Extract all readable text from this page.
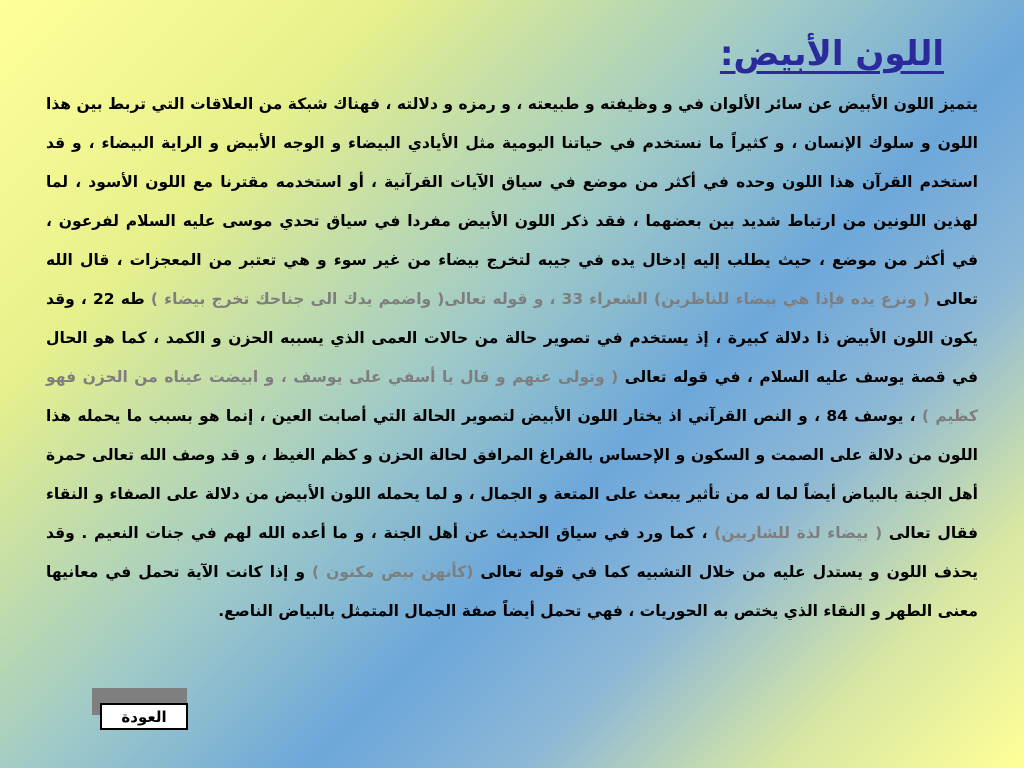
اللون الأبيض:

يتميز اللون الأبيض عن سائر الألوان في و وظيفته و طبيعته ، و رمزه و دلالته ، فهناك شبكة من العلاقات التي تربط بين هذا اللون و سلوك الإنسان ، و كثيراً ما نستخدم في حياتنا اليومية مثل الأيادي البيضاء و الوجه الأبيض و الراية البيضاء ، و قد استخدم القرآن هذا اللون وحده في أكثر من موضع في سياق الآيات القرآنية ، أو استخدمه مقترنا مع اللون الأسود ، لما لهذين اللونين من ارتباط شديد بين بعضهما ، فقد ذكر اللون الأبيض مفردا في سياق تحدي موسى عليه السلام لفرعون ، في أكثر من موضع ، حيث يطلب إليه إدخال يده في جيبه لتخرج بيضاء من غير سوء و هي تعتبر من المعجزات ، قال الله تعالى ( ونزع يده فإذا هي بيضاء للناظرين) الشعراء 33 ، و قوله تعالى( واضمم يدك الى جناحك تخرج بيضاء ) طه 22 ، وقد يكون اللون الأبيض ذا دلالة كبيرة ، إذ يستخدم في تصوير حالة من حالات العمى الذي يسببه الحزن و الكمد ، كما هو الحال في قصة يوسف عليه السلام ، في قوله تعالى ( وتولى عنهم و قال يا أسفي على يوسف ، و ابيضت عيناه من الحزن فهو كظيم ) ، يوسف 84 ، و النص القرآني اذ يختار اللون الأبيض لتصوير الحالة التي أصابت العين ، إنما هو بسبب ما يحمله هذا اللون من دلالة على الصمت و السكون و الإحساس بالفراغ المرافق لحالة الحزن و كظم الغيظ ، و قد وصف الله تعالى حمرة أهل الجنة بالبياض أيضاً لما له من تأثير يبعث على المتعة و الجمال ، و لما يحمله اللون الأبيض من دلالة على الصفاء و النقاء فقال تعالى ( بيضاء لذة للشاربين) ، كما ورد في سياق الحديث عن أهل الجنة ، و ما أعده الله لهم في جنات النعيم . وقد يحذف اللون و يستدل عليه من خلال التشبيه كما في قوله تعالى (كأنهن بيض مكنون ) و إذا كانت الآية تحمل في معانيها معنى الطهر و النقاء الذي يختص به الحوريات ، فهي تحمل أيضاً صفة الجمال المتمثل بالبياض الناصع.

العودة
